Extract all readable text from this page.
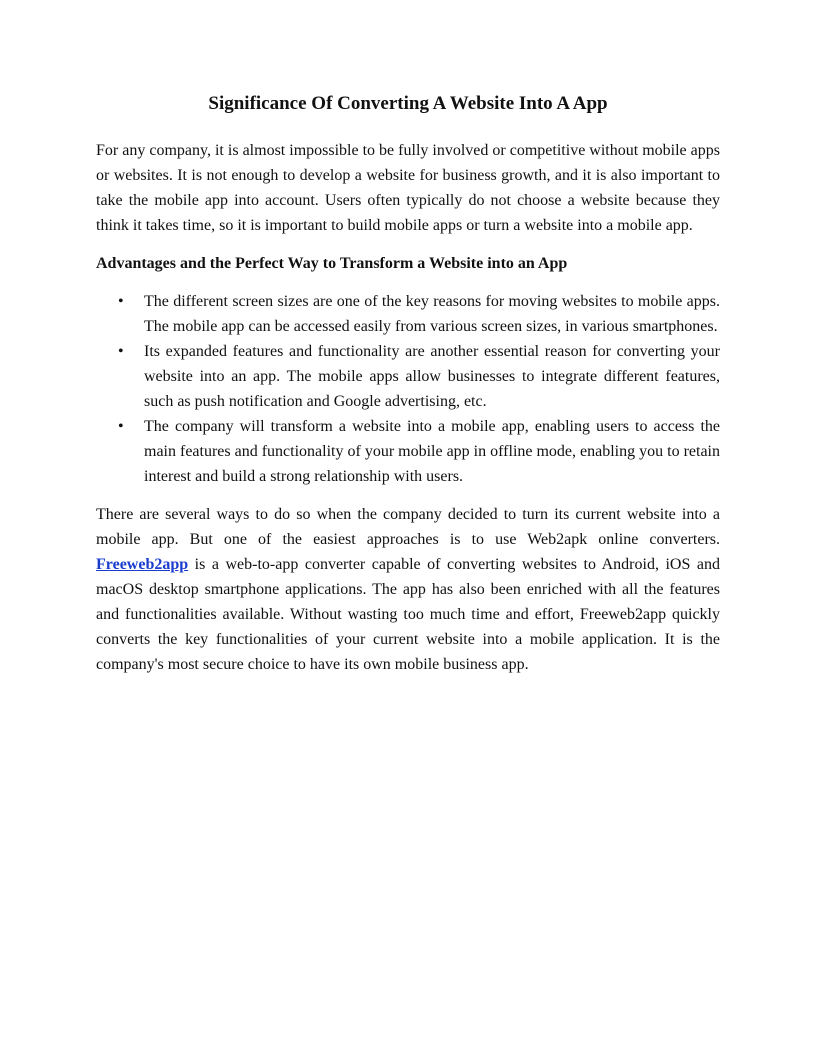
Significance Of Converting A Website Into A App

For any company, it is almost impossible to be fully involved or competitive without mobile apps or websites. It is not enough to develop a website for business growth, and it is also important to take the mobile app into account. Users often typically do not choose a website because they think it takes time, so it is important to build mobile apps or turn a website into a mobile app.

Advantages and the Perfect Way to Transform a Website into an App
•	The different screen sizes are one of the key reasons for moving websites to mobile apps. The mobile app can be accessed easily from various screen sizes, in various smartphones.
•	Its expanded features and functionality are another essential reason for converting your website into an app. The mobile apps allow businesses to integrate different features, such as push notification and Google advertising, etc.
•	The company will transform a website into a mobile app, enabling users to access the main features and functionality of your mobile app in offline mode, enabling you to retain interest and build a strong relationship with users.

There are several ways to do so when the company decided to turn its current website into a mobile app. But one of the easiest approaches is to use Web2apk online converters. Freeweb2app is a web-to-app converter capable of converting websites to Android, iOS and macOS desktop smartphone applications. The app has also been enriched with all the features and functionalities available. Without wasting too much time and effort, Freeweb2app quickly converts the key functionalities of your current website into a mobile application. It is the company's most secure choice to have its own mobile business app.
